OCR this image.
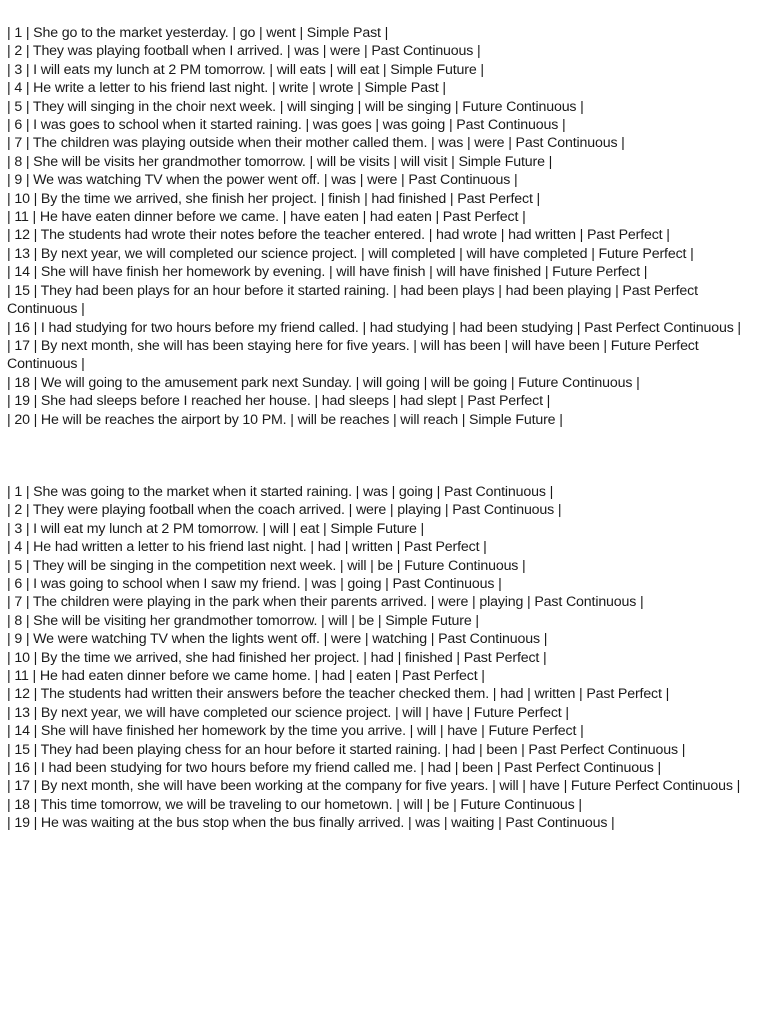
| 1 | She go to the market yesterday. | go | went | Simple Past |
| 2 | They was playing football when I arrived. | was | were | Past Continuous |
| 3 | I will eats my lunch at 2 PM tomorrow. | will eats | will eat | Simple Future |
| 4 | He write a letter to his friend last night. | write | wrote | Simple Past |
| 5 | They will singing in the choir next week. | will singing | will be singing | Future Continuous |
| 6 | I was goes to school when it started raining. | was goes | was going | Past Continuous |
| 7 | The children was playing outside when their mother called them. | was | were | Past Continuous |
| 8 | She will be visits her grandmother tomorrow. | will be visits | will visit | Simple Future |
| 9 | We was watching TV when the power went off. | was | were | Past Continuous |
| 10 | By the time we arrived, she finish her project. | finish | had finished | Past Perfect |
| 11 | He have eaten dinner before we came. | have eaten | had eaten | Past Perfect |
| 12 | The students had wrote their notes before the teacher entered. | had wrote | had written | Past Perfect |
| 13 | By next year, we will completed our science project. | will completed | will have completed | Future Perfect |
| 14 | She will have finish her homework by evening. | will have finish | will have finished | Future Perfect |
| 15 | They had been plays for an hour before it started raining. | had been plays | had been playing | Past Perfect Continuous |
| 16 | I had studying for two hours before my friend called. | had studying | had been studying | Past Perfect Continuous |
| 17 | By next month, she will has been staying here for five years. | will has been | will have been | Future Perfect Continuous |
| 18 | We will going to the amusement park next Sunday. | will going | will be going | Future Continuous |
| 19 | She had sleeps before I reached her house. | had sleeps | had slept | Past Perfect |
| 20 | He will be reaches the airport by 10 PM. | will be reaches | will reach | Simple Future |
| 1 | She was going to the market when it started raining. | was | going | Past Continuous |
| 2 | They were playing football when the coach arrived. | were | playing | Past Continuous |
| 3 | I will eat my lunch at 2 PM tomorrow. | will | eat | Simple Future |
| 4 | He had written a letter to his friend last night. | had | written | Past Perfect |
| 5 | They will be singing in the competition next week. | will | be | Future Continuous |
| 6 | I was going to school when I saw my friend. | was | going | Past Continuous |
| 7 | The children were playing in the park when their parents arrived. | were | playing | Past Continuous |
| 8 | She will be visiting her grandmother tomorrow. | will | be | Simple Future |
| 9 | We were watching TV when the lights went off. | were | watching | Past Continuous |
| 10 | By the time we arrived, she had finished her project. | had | finished | Past Perfect |
| 11 | He had eaten dinner before we came home. | had | eaten | Past Perfect |
| 12 | The students had written their answers before the teacher checked them. | had | written | Past Perfect |
| 13 | By next year, we will have completed our science project. | will | have | Future Perfect |
| 14 | She will have finished her homework by the time you arrive. | will | have | Future Perfect |
| 15 | They had been playing chess for an hour before it started raining. | had | been | Past Perfect Continuous |
| 16 | I had been studying for two hours before my friend called me. | had | been | Past Perfect Continuous |
| 17 | By next month, she will have been working at the company for five years. | will | have | Future Perfect Continuous |
| 18 | This time tomorrow, we will be traveling to our hometown. | will | be | Future Continuous |
| 19 | He was waiting at the bus stop when the bus finally arrived. | was | waiting | Past Continuous |
